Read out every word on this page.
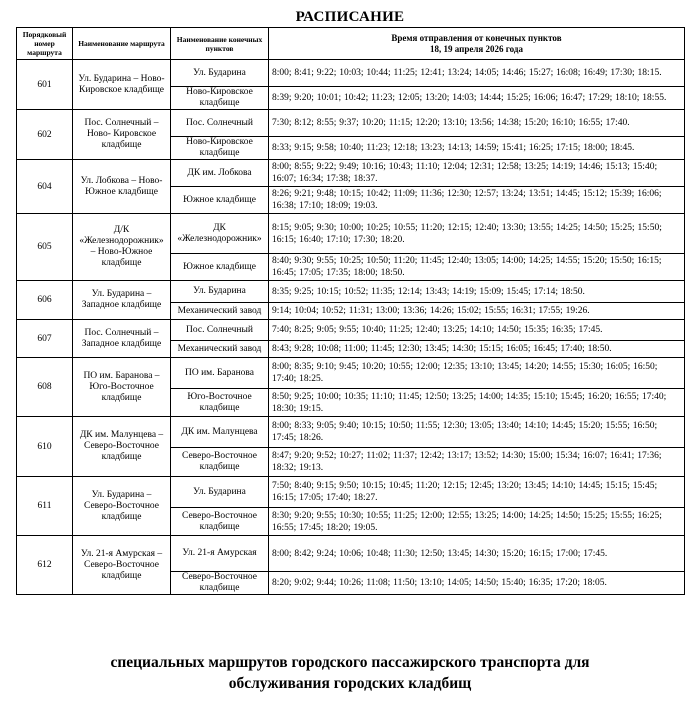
РАСПИСАНИЕ
Порядковый номер маршрута	Наименование маршрута	Наименование конечных пунктов	Время отправления от конечных пунктов
18, 19 апреля 2026 года

601	Ул. Бударина – Ново-Кировское кладбище	Ул. Бударина	8:00; 8:41; 9:22; 10:03; 10:44; 11:25; 12:41; 13:24; 14:05; 14:46; 15:27; 16:08; 16:49; 17:30; 18:15.
		Ново-Кировское кладбище	8:39; 9:20; 10:01; 10:42; 11:23; 12:05; 13:20; 14:03; 14:44; 15:25; 16:06; 16:47; 17:29; 18:10; 18:55.
602	Пос. Солнечный – Ново- Кировское кладбище	Пос. Солнечный	7:30; 8:12; 8:55; 9:37; 10:20; 11:15; 12:20; 13:10; 13:56; 14:38; 15:20; 16:10; 16:55; 17:40.
		Ново-Кировское кладбище	8:33; 9:15; 9:58; 10:40; 11:23; 12:18; 13:23; 14:13; 14:59; 15:41; 16:25; 17:15; 18:00; 18:45.
604	Ул. Лобкова – Ново-Южное кладбище	ДК им. Лобкова	8:00; 8:55; 9:22; 9:49; 10:16; 10:43; 11:10; 12:04; 12:31; 12:58; 13:25; 14:19; 14:46; 15:13; 15:40; 16:07; 16:34; 17:38; 18:37.
		Южное кладбище	8:26; 9:21; 9:48; 10:15; 10:42; 11:09; 11:36; 12:30; 12:57; 13:24; 13:51; 14:45; 15:12; 15:39; 16:06; 16:38; 17:10; 18:09; 19:03.
605	Д/К «Железнодорожник» – Ново-Южное кладбище	ДК «Железнодорожник»	8:15; 9:05; 9:30; 10:00; 10:25; 10:55; 11:20; 12:15; 12:40; 13:30; 13:55; 14:25; 14:50; 15:25; 15:50; 16:15; 16:40; 17:10; 17:30; 18:20.
		Южное кладбище	8:40; 9:30; 9:55; 10:25; 10:50; 11:20; 11:45; 12:40; 13:05; 14:00; 14:25; 14:55; 15:20; 15:50; 16:15; 16:45; 17:05; 17:35; 18:00; 18:50.
606	Ул. Бударина – Западное кладбище	Ул. Бударина	8:35; 9:25; 10:15; 10:52; 11:35; 12:14; 13:43; 14:19; 15:09; 15:45; 17:14; 18:50.
		Механический завод	9:14; 10:04; 10:52; 11:31; 13:00; 13:36; 14:26; 15:02; 15:55; 16:31; 17:55; 19:26.
607	Пос. Солнечный – Западное кладбище	Пос. Солнечный	7:40; 8:25; 9:05; 9:55; 10:40; 11:25; 12:40; 13:25; 14:10; 14:50; 15:35; 16:35; 17:45.
		Механический завод	8:43; 9:28; 10:08; 11:00; 11:45; 12:30; 13:45; 14:30; 15:15; 16:05; 16:45; 17:40; 18:50.
608	ПО им. Баранова – Юго-Восточное кладбище	ПО им. Баранова	8:00; 8:35; 9:10; 9:45; 10:20; 10:55; 12:00; 12:35; 13:10; 13:45; 14:20; 14:55; 15:30; 16:05; 16:50; 17:40; 18:25.
		Юго-Восточное кладбище	8:50; 9:25; 10:00; 10:35; 11:10; 11:45; 12:50; 13:25; 14:00; 14:35; 15:10; 15:45; 16:20; 16:55; 17:40; 18:30; 19:15.
610	ДК им. Малунцева – Северо-Восточное кладбище	ДК им. Малунцева	8:00; 8:33; 9:05; 9:40; 10:15; 10:50; 11:55; 12:30; 13:05; 13:40; 14:10; 14:45; 15:20; 15:55; 16:50; 17:45; 18:26.
		Северо-Восточное кладбище	8:47; 9:20; 9:52; 10:27; 11:02; 11:37; 12:42; 13:17; 13:52; 14:30; 15:00; 15:34; 16:07; 16:41; 17:36; 18:32; 19:13.
611	Ул. Бударина – Северо-Восточное кладбище	Ул. Бударина	7:50; 8:40; 9:15; 9:50; 10:15; 10:45; 11:20; 12:15; 12:45; 13:20; 13:45; 14:10; 14:45; 15:15; 15:45; 16:15; 17:05; 17:40; 18:27.
		Северо-Восточное кладбище	8:30; 9:20; 9:55; 10:30; 10:55; 11:25; 12:00; 12:55; 13:25; 14:00; 14:25; 14:50; 15:25; 15:55; 16:25; 16:55; 17:45; 18:20; 19:05.
612	Ул. 21-я Амурская – Северо-Восточное кладбище	Ул. 21-я Амурская	8:00; 8:42; 9:24; 10:06; 10:48; 11:30; 12:50; 13:45; 14:30; 15:20; 16:15; 17:00; 17:45.
		Северо-Восточное кладбище	8:20; 9:02; 9:44; 10:26; 11:08; 11:50; 13:10; 14:05; 14:50; 15:40; 16:35; 17:20; 18:05.
специальных маршрутов городского пассажирского транспорта для
обслуживания городских кладбищ
